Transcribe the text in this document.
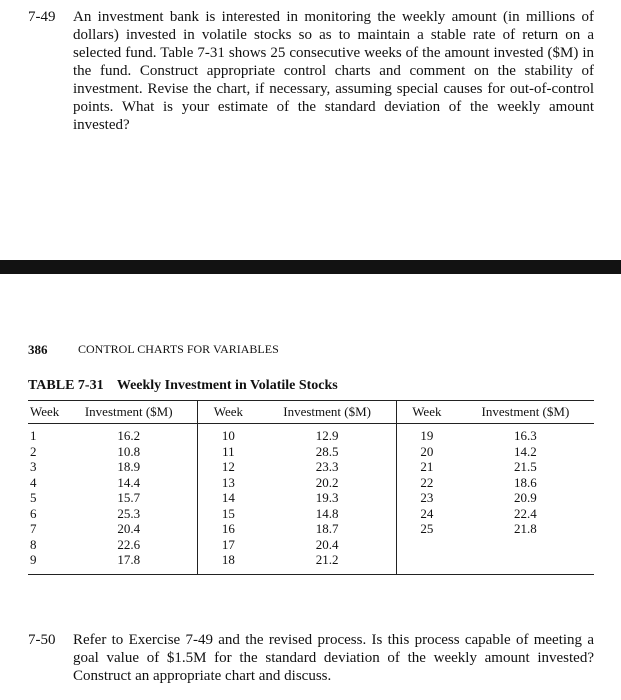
7-49 An investment bank is interested in monitoring the weekly amount (in millions of dollars) invested in volatile stocks so as to maintain a stable rate of return on a selected fund. Table 7-31 shows 25 consecutive weeks of the amount invested ($M) in the fund. Construct appropriate control charts and comment on the stability of investment. Revise the chart, if necessary, assuming special causes for out-of-control points. What is your estimate of the standard deviation of the weekly amount invested?
386	CONTROL CHARTS FOR VARIABLES
TABLE 7-31 Weekly Investment in Volatile Stocks
Week	Investment ($M)	Week	Investment ($M)	Week	Investment ($M)
1	16.2	10	12.9	19	16.3
2	10.8	11	28.5	20	14.2
3	18.9	12	23.3	21	21.5
4	14.4	13	20.2	22	18.6
5	15.7	14	19.3	23	20.9
6	25.3	15	14.8	24	22.4
7	20.4	16	18.7	25	21.8
8	22.6	17	20.4		
9	17.8	18	21.2		
7-50 Refer to Exercise 7-49 and the revised process. Is this process capable of meeting a goal value of $1.5M for the standard deviation of the weekly amount invested? Construct an appropriate chart and discuss.
